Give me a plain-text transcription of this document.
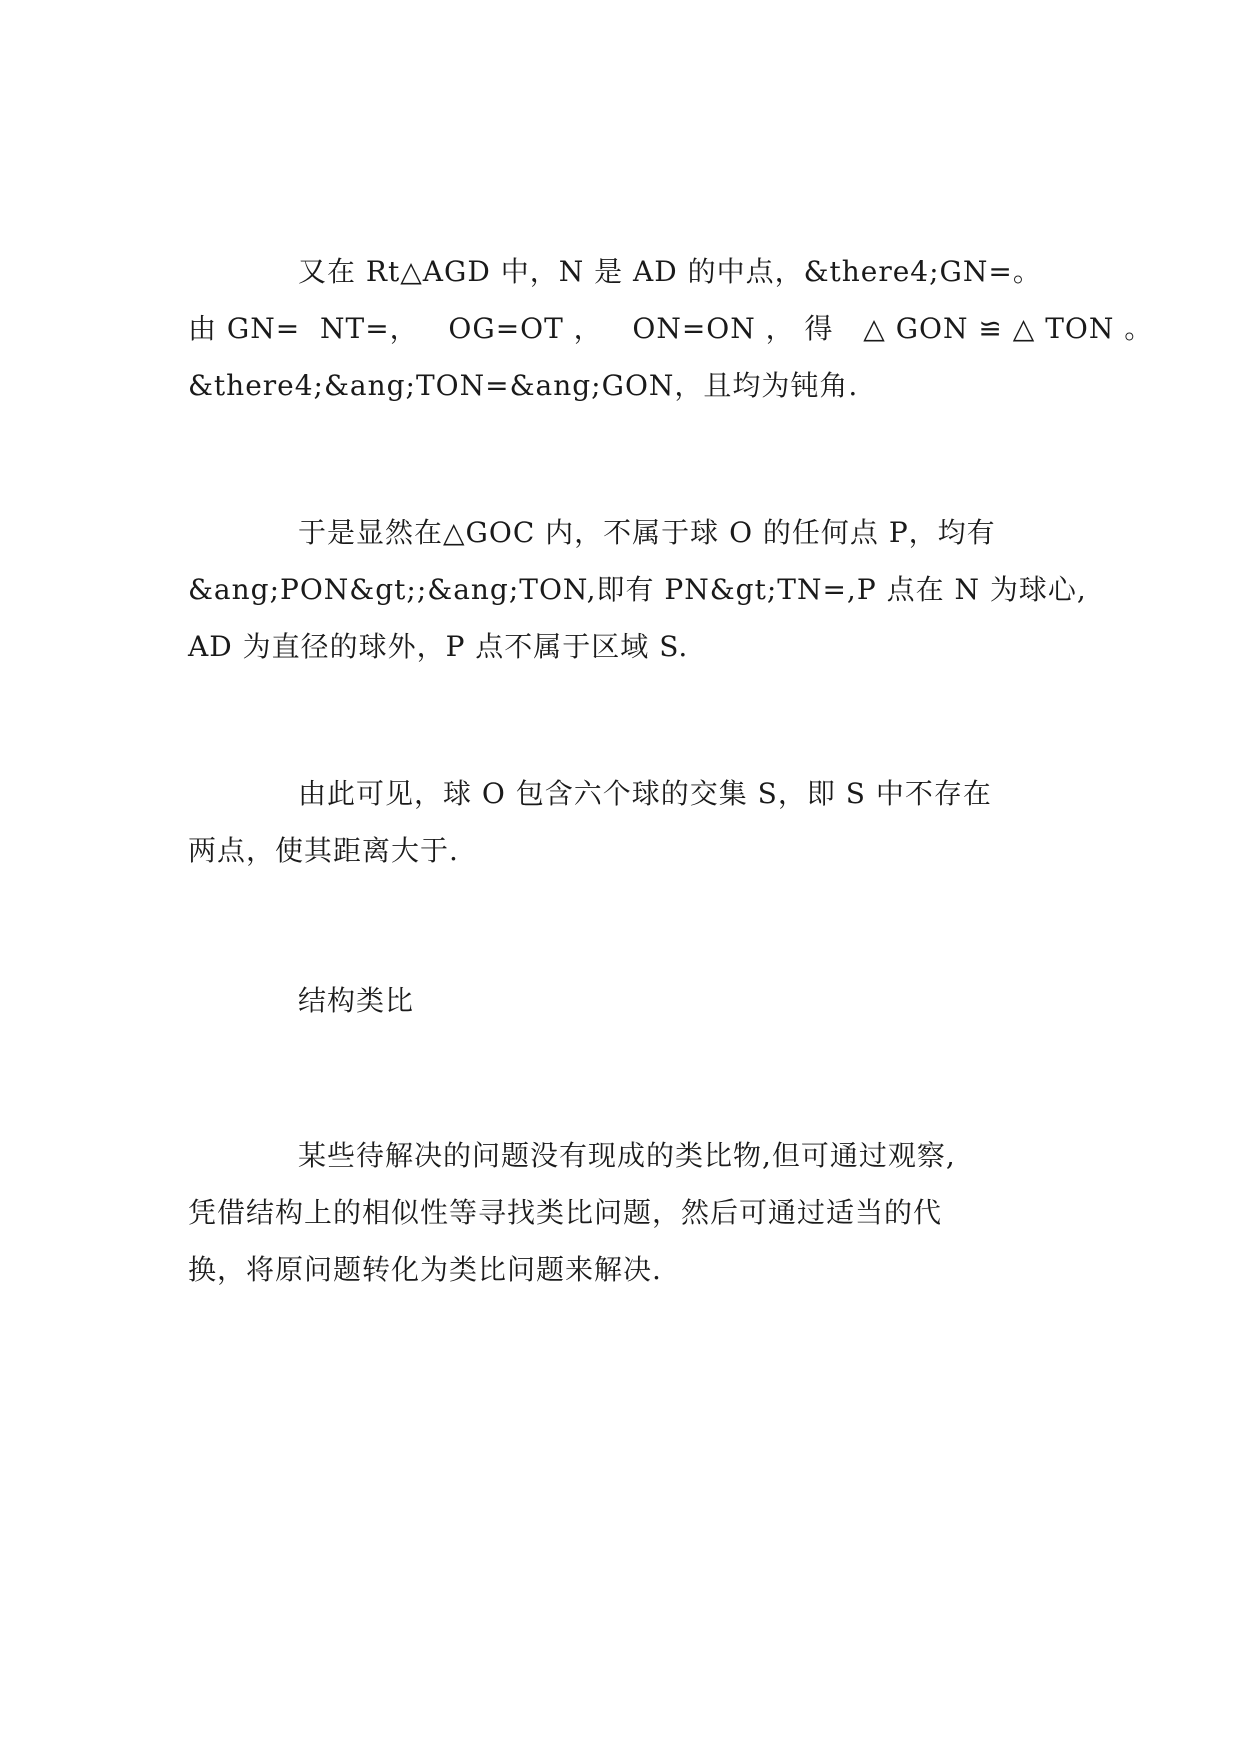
又在 Rt△AGD 中，N 是 AD 的中点，&there4;GN=。
由 GN=  NT=，   OG=OT ，   ON=ON ， 得   △ GON ≌ △ TON 。
&there4;&ang;TON=&ang;GON，且均为钝角.

于是显然在△GOC 内，不属于球 O 的任何点 P，均有
&ang;PON&gt;;&ang;TON,即有 PN&gt;TN=,P 点在 N 为球心,
AD 为直径的球外，P 点不属于区域 S.

由此可见，球 O 包含六个球的交集 S，即 S 中不存在
两点，使其距离大于.

结构类比

某些待解决的问题没有现成的类比物,但可通过观察,
凭借结构上的相似性等寻找类比问题，然后可通过适当的代
换，将原问题转化为类比问题来解决.
